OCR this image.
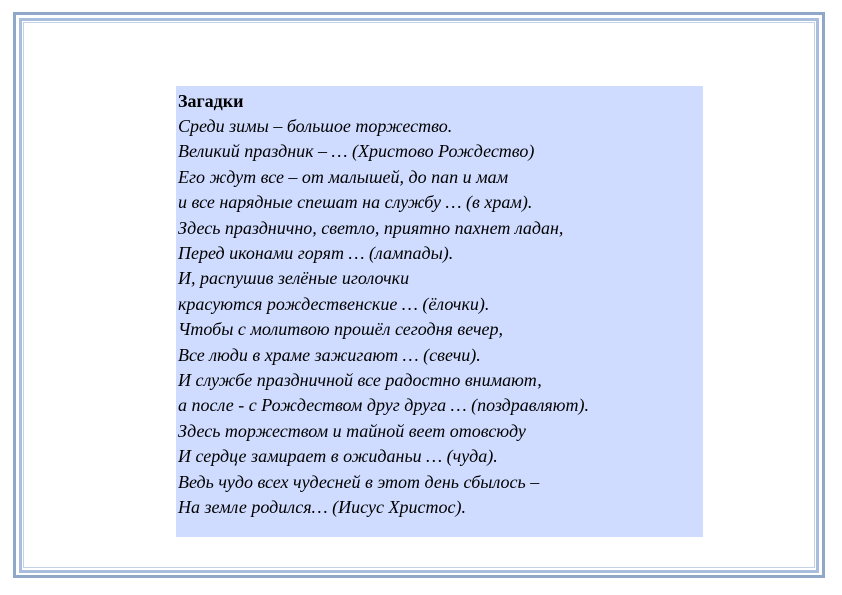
Загадки

Среди зимы – большое торжество.

Великий праздник – … (Христово Рождество)

Его ждут все – от малышей, до пап и мам

и все нарядные спешат на службу … (в храм).

Здесь празднично, светло, приятно пахнет ладан,

Перед иконами горят … (лампады).

И, распушив зелёные иголочки

красуются рождественские … (ёлочки).

Чтобы с молитвою прошёл сегодня вечер,

Все люди в храме зажигают … (свечи).

И службе праздничной все радостно внимают,

а после - с Рождеством друг друга … (поздравляют).

Здесь торжеством и тайной веет отовсюду

И сердце замирает в ожиданьи … (чуда).

Ведь чудо всех чудесней в этот день сбылось –

На земле родился… (Иисус Христос).
